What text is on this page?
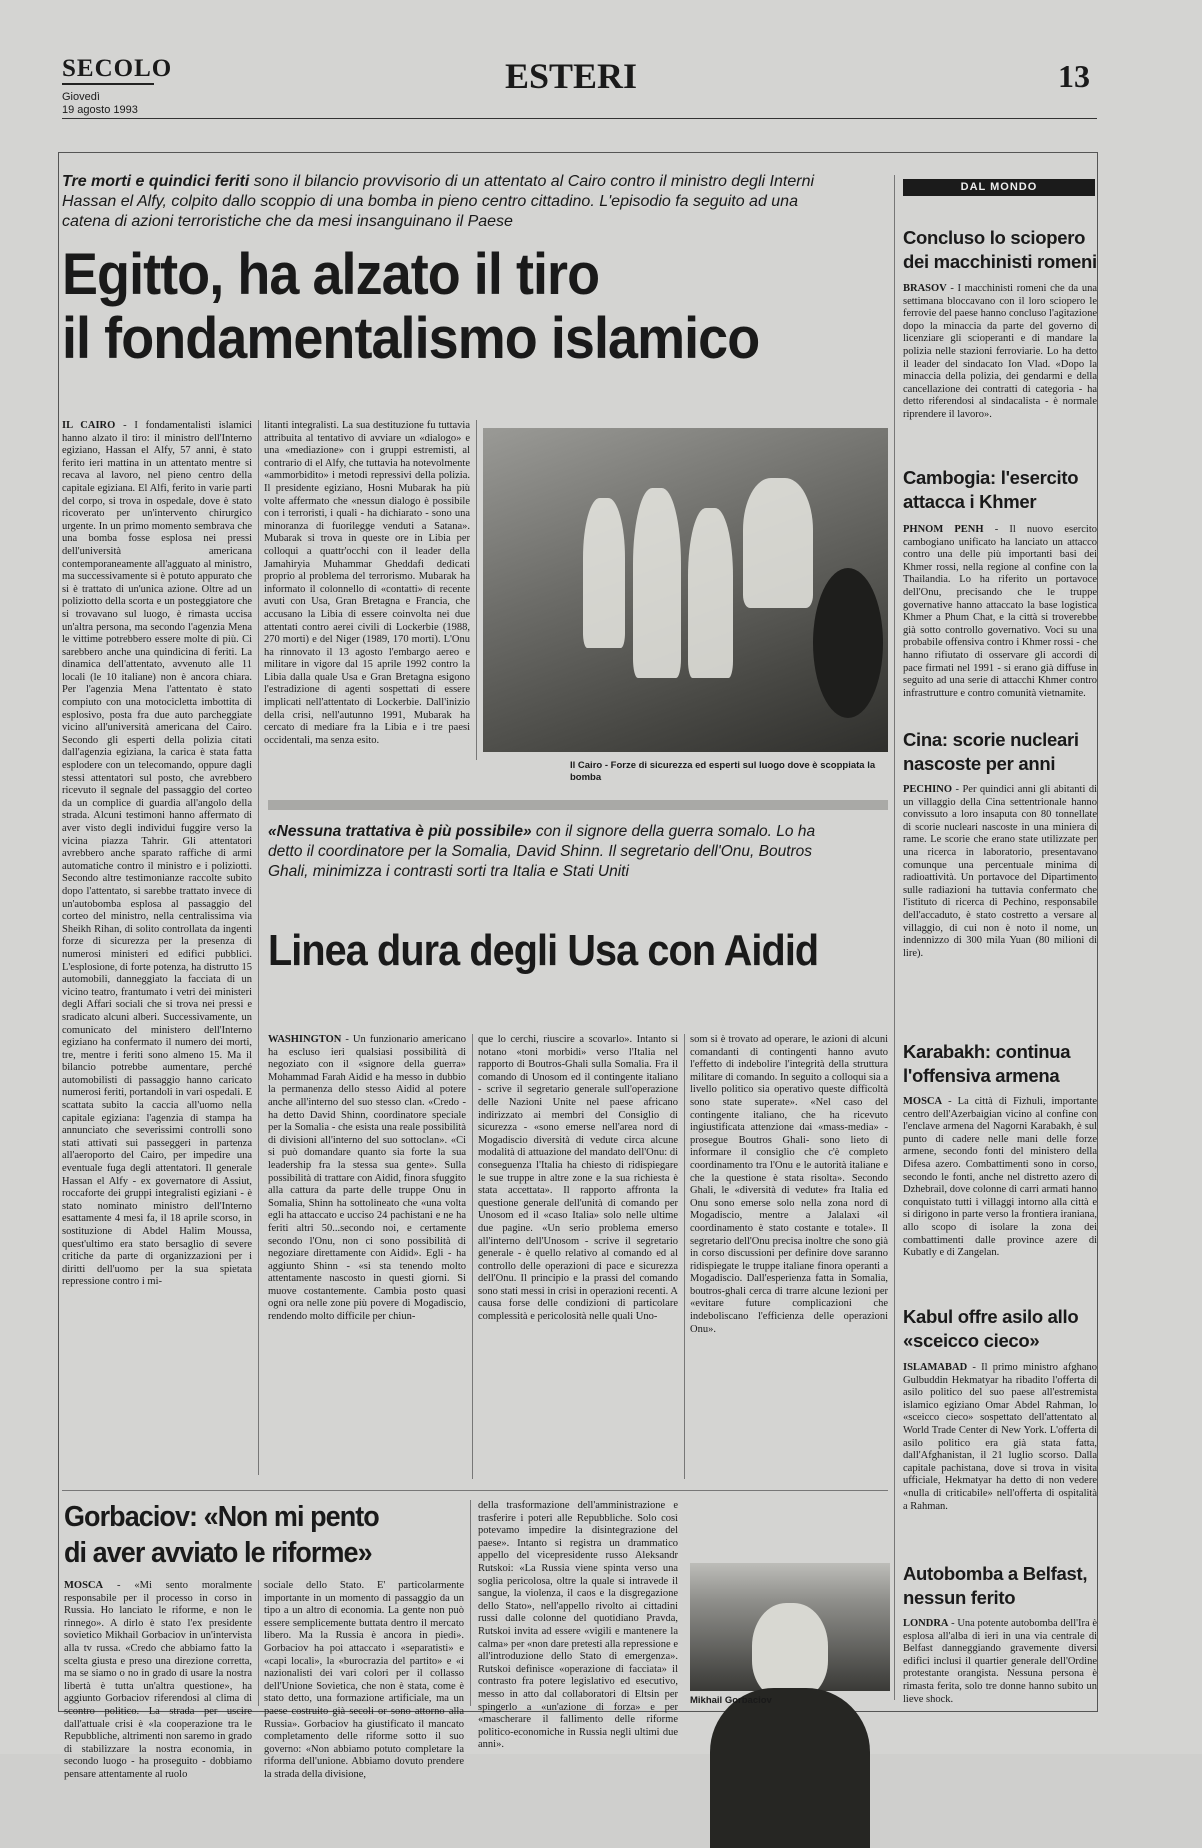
SECOLO
Giovedì
19 agosto 1993
ESTERI	13
Tre morti e quindici feriti sono il bilancio provvisorio di un attentato al Cairo contro il ministro degli Interni Hassan el Alfy, colpito dallo scoppio di una bomba in pieno centro cittadino. L'episodio fa seguito ad una catena di azioni terroristiche che da mesi insanguinano il Paese
Egitto, ha alzato il tiro
il fondamentalismo islamico
IL CAIRO - I fondamentalisti islamici hanno alzato il tiro: il ministro dell'Interno egiziano, Hassan el Alfy, 57 anni, è stato ferito ieri mattina in un attentato mentre si recava al lavoro, nel pieno centro della capitale egiziana. El Alfi, ferito in varie parti del corpo, si trova in ospedale, dove è stato ricoverato per un'intervento chirurgico urgente. In un primo momento sembrava che una bomba fosse esplosa nei pressi dell'università americana contemporaneamente all'agguato al ministro, ma successivamente si è potuto appurato che si è trattato di un'unica azione. Oltre ad un poliziotto della scorta e un posteggiatore che si trovavano sul luogo, è rimasta uccisa un'altra persona, ma secondo l'agenzia Mena le vittime potrebbero essere molte di più. Ci sarebbero anche una quindicina di feriti. La dinamica dell'attentato, avvenuto alle 11 locali (le 10 italiane) non è ancora chiara. Per l'agenzia Mena l'attentato è stato compiuto con una motocicletta imbottita di esplosivo, posta fra due auto parcheggiate vicino all'università americana del Cairo. Secondo gli esperti della polizia citati dall'agenzia egiziana, la carica è stata fatta esplodere con un telecomando, oppure dagli stessi attentatori sul posto, che avrebbero ricevuto il segnale del passaggio del corteo da un complice di guardia all'angolo della strada. Alcuni testimoni hanno affermato di aver visto degli individui fuggire verso la vicina piazza Tahrir. Gli attentatori avrebbero anche sparato raffiche di armi automatiche contro il ministro e i poliziotti. Secondo altre testimonianze raccolte subito dopo l'attentato, si sarebbe trattato invece di un'autobomba esplosa al passaggio del corteo del ministro, nella centralissima via Sheikh Rihan, di solito controllata da ingenti forze di sicurezza per la presenza di numerosi ministeri ed edifici pubblici. L'esplosione, di forte potenza, ha distrutto 15 automobili, danneggiato la facciata di un vicino teatro, frantumato i vetri dei ministeri degli Affari sociali che si trova nei pressi e sradicato alcuni alberi. Successivamente, un comunicato del ministero dell'Interno egiziano ha confermato il numero dei morti, tre, mentre i feriti sono almeno 15. Ma il bilancio potrebbe aumentare, perché automobilisti di passaggio hanno caricato numerosi feriti, portandoli in vari ospedali. E scattata subito la caccia all'uomo nella capitale egiziana: l'agenzia di stampa ha annunciato che severissimi controlli sono stati attivati sui passeggeri in partenza all'aeroporto del Cairo, per impedire una eventuale fuga degli attentatori. Il generale Hassan el Alfy - ex governatore di Assiut, roccaforte dei gruppi integralisti egiziani - è stato nominato ministro dell'Interno esattamente 4 mesi fa, il 18 aprile scorso, in sostituzione di Abdel Halim Moussa, quest'ultimo era stato bersaglio di severe critiche da parte di organizzazioni per i diritti dell'uomo per la sua spietata repressione contro i mi-
litanti integralisti. La sua destituzione fu tuttavia attribuita al tentativo di avviare un «dialogo» e una «mediazione» con i gruppi estremisti, al contrario di el Alfy, che tuttavia ha notevolmente «ammorbidito» i metodi repressivi della polizia. Il presidente egiziano, Hosni Mubarak ha più volte affermato che «nessun dialogo è possibile con i terroristi, i quali - ha dichiarato - sono una minoranza di fuorilegge venduti a Satana». Mubarak si trova in queste ore in Libia per colloqui a quattr'occhi con il leader della Jamahiryia Muhammar Gheddafi dedicati proprio al problema del terrorismo. Mubarak ha informato il colonnello di «contatti» di recente avuti con Usa, Gran Bretagna e Francia, che accusano la Libia di essere coinvolta nei due attentati contro aerei civili di Lockerbie (1988, 270 morti) e del Niger (1989, 170 morti). L'Onu ha rinnovato il 13 agosto l'embargo aereo e militare in vigore dal 15 aprile 1992 contro la Libia dalla quale Usa e Gran Bretagna esigono l'estradizione di agenti sospettati di essere implicati nell'attentato di Lockerbie. Dall'inizio della crisi, nell'autunno 1991, Mubarak ha cercato di mediare fra la Libia e i tre paesi occidentali, ma senza esito.
Il Cairo - Forze di sicurezza ed esperti sul luogo dove è scoppiata la bomba
«Nessuna trattativa è più possibile» con il signore della guerra somalo. Lo ha detto il coordinatore per la Somalia, David Shinn. Il segretario dell'Onu, Boutros Ghali, minimizza i contrasti sorti tra Italia e Stati Uniti
Linea dura degli Usa con Aidid
WASHINGTON - Un funzionario americano ha escluso ieri qualsiasi possibilità di negoziato con il «signore della guerra» Mohammad Farah Aidid e ha messo in dubbio la permanenza dello stesso Aidid al potere anche all'interno del suo stesso clan. «Credo - ha detto David Shinn, coordinatore speciale per la Somalia - che esista una reale possibilità di divisioni all'interno del suo sottoclan». «Ci si può domandare quanto sia forte la sua leadership fra la stessa sua gente». Sulla possibilità di trattare con Aidid, finora sfuggito alla cattura da parte delle truppe Onu in Somalia, Shinn ha sottolineato che «una volta egli ha attaccato e ucciso 24 pachistani e ne ha feriti altri 50...secondo noi, e certamente secondo l'Onu, non ci sono possibilità di negoziare direttamente con Aidid». Egli - ha aggiunto Shinn - «si sta tenendo molto attentamente nascosto in questi giorni. Si muove costantemente. Cambia posto quasi ogni ora nelle zone più povere di Mogadiscio, rendendo molto difficile per chiun-
que lo cerchi, riuscire a scovarlo». Intanto si notano «toni morbidi» verso l'Italia nel rapporto di Boutros-Ghali sulla Somalia. Fra il comando di Unosom ed il contingente italiano - scrive il segretario generale sull'operazione delle Nazioni Unite nel paese africano indirizzato ai membri del Consiglio di sicurezza - «sono emerse nell'area nord di Mogadiscio diversità di vedute circa alcune modalità di attuazione del mandato dell'Onu: di conseguenza l'Italia ha chiesto di ridispiegare le sue truppe in altre zone e la sua richiesta è stata accettata». Il rapporto affronta la questione generale dell'unità di comando per Unosom ed il «caso Italia» solo nelle ultime due pagine. «Un serio problema emerso all'interno dell'Unosom - scrive il segretario generale - è quello relativo al comando ed al controllo delle operazioni di pace e sicurezza dell'Onu. Il principio e la prassi del comando sono stati messi in crisi in operazioni recenti. A causa forse delle condizioni di particolare complessità e pericolosità nelle quali Uno-
som si è trovato ad operare, le azioni di alcuni comandanti di contingenti hanno avuto l'effetto di indebolire l'integrità della struttura militare di comando. In seguito a colloqui sia a livello politico sia operativo queste difficoltà sono state superate». «Nel caso del contingente italiano, che ha ricevuto ingiustificata attenzione dai «mass-media» - prosegue Boutros Ghali- sono lieto di informare il consiglio che c'è completo coordinamento tra l'Onu e le autorità italiane e che la questione è stata risolta». Secondo Ghali, le «diversità di vedute» fra Italia ed Onu sono emerse solo nella zona nord di Mogadiscio, mentre a Jalalaxi «il coordinamento è stato costante e totale». Il segretario dell'Onu precisa inoltre che sono già in corso discussioni per definire dove saranno ridispiegate le truppe italiane finora operanti a Mogadiscio. Dall'esperienza fatta in Somalia, boutros-ghali cerca di trarre alcune lezioni per «evitare future complicazioni che indeboliscano l'efficienza delle operazioni Onu».
Gorbaciov: «Non mi pento
di aver avviato le riforme»
MOSCA - «Mi sento moralmente responsabile per il processo in corso in Russia. Ho lanciato le riforme, e non le rinnego». A dirlo è stato l'ex presidente sovietico Mikhail Gorbaciov in un'intervista alla tv russa. «Credo che abbiamo fatto la scelta giusta e preso una direzione corretta, ma se siamo o no in grado di usare la nostra libertà è tutta un'altra questione», ha aggiunto Gorbaciov riferendosi al clima di scontro politico. La strada per uscire dall'attuale crisi è «la cooperazione tra le Repubbliche, altrimenti non saremo in grado di stabilizzare la nostra economia, in secondo luogo - ha proseguito - dobbiamo pensare attentamente al ruolo
sociale dello Stato. E' particolarmente importante in un momento di passaggio da un tipo a un altro di economia. La gente non può essere semplicemente buttata dentro il mercato libero. Ma la Russia è ancora in piedi». Gorbaciov ha poi attaccato i «separatisti» e «capi locali», la «burocrazia del partito» e «i nazionalisti dei vari colori per il collasso dell'Unione Sovietica, che non è stata, come è stato detto, una formazione artificiale, ma un paese costruito già secoli or sono attorno alla Russia». Gorbaciov ha giustificato il mancato completamento delle riforme sotto il suo governo: «Non abbiamo potuto completare la riforma dell'unione. Abbiamo dovuto prendere la strada della divisione,
della trasformazione dell'amministrazione e trasferire i poteri alle Repubbliche. Solo così potevamo impedire la disintegrazione del paese». Intanto si registra un drammatico appello del vicepresidente russo Aleksandr Rutskoi: «La Russia viene spinta verso una soglia pericolosa, oltre la quale si intravede il sangue, la violenza, il caos e la disgregazione dello Stato», nell'appello rivolto ai cittadini russi dalle colonne del quotidiano Pravda, Rutskoi invita ad essere «vigili e mantenere la calma» per «non dare pretesti alla repressione e all'introduzione dello Stato di emergenza». Rutskoi definisce «operazione di facciata» il contrasto fra potere legislativo ed esecutivo, messo in atto dal collaboratori di Eltsin per spingerlo a «un'azione di forza» e per «mascherare il fallimento delle riforme politico-economiche in Russia negli ultimi due anni».
Mikhail Gorbaciov
DAL MONDO
Concluso lo sciopero dei macchinisti romeni
BRASOV - I macchinisti romeni che da una settimana bloccavano con il loro sciopero le ferrovie del paese hanno concluso l'agitazione dopo la minaccia da parte del governo di licenziare gli scioperanti e di mandare la polizia nelle stazioni ferroviarie. Lo ha detto il leader del sindacato Ion Vlad. «Dopo la minaccia della polizia, dei gendarmi e della cancellazione dei contratti di categoria - ha detto riferendosi al sindacalista - è normale riprendere il lavoro».
Cambogia: l'esercito attacca i Khmer
PHNOM PENH - Il nuovo esercito cambogiano unificato ha lanciato un attacco contro una delle più importanti basi dei Khmer rossi, nella regione al confine con la Thailandia. Lo ha riferito un portavoce dell'Onu, precisando che le truppe governative hanno attaccato la base logistica Khmer a Phum Chat, e la città si troverebbe già sotto controllo governativo. Voci su una probabile offensiva contro i Khmer rossi - che hanno rifiutato di osservare gli accordi di pace firmati nel 1991 - si erano già diffuse in seguito ad una serie di attacchi Khmer contro infrastrutture e contro comunità vietnamite.
Cina: scorie nucleari nascoste per anni
PECHINO - Per quindici anni gli abitanti di un villaggio della Cina settentrionale hanno convissuto a loro insaputa con 80 tonnellate di scorie nucleari nascoste in una miniera di rame. Le scorie che erano state utilizzate per una ricerca in laboratorio, presentavano comunque una percentuale minima di radioattività. Un portavoce del Dipartimento sulle radiazioni ha tuttavia confermato che l'istituto di ricerca di Pechino, responsabile dell'accaduto, è stato costretto a versare al villaggio, di cui non è noto il nome, un indennizzo di 300 mila Yuan (80 milioni di lire).
Karabakh: continua l'offensiva armena
MOSCA - La città di Fizhuli, importante centro dell'Azerbaigian vicino al confine con l'enclave armena del Nagorni Karabakh, è sul punto di cadere nelle mani delle forze armene, secondo fonti del ministero della Difesa azero. Combattimenti sono in corso, secondo le fonti, anche nel distretto azero di Dzhebrail, dove colonne di carri armati hanno conquistato tutti i villaggi intorno alla città e si dirigono in parte verso la frontiera iraniana, allo scopo di isolare la zona dei combattimenti dalle province azere di Kubatly e di Zangelan.
Kabul offre asilo allo «sceicco cieco»
ISLAMABAD - Il primo ministro afghano Gulbuddin Hekmatyar ha ribadito l'offerta di asilo politico del suo paese all'estremista islamico egiziano Omar Abdel Rahman, lo «sceicco cieco» sospettato dell'attentato al World Trade Center di New York. L'offerta di asilo politico era già stata fatta, dall'Afghanistan, il 21 luglio scorso. Dalla capitale pachistana, dove si trova in visita ufficiale, Hekmatyar ha detto di non vedere «nulla di criticabile» nell'offerta di ospitalità a Rahman.
Autobomba a Belfast, nessun ferito
LONDRA - Una potente autobomba dell'Ira è esplosa all'alba di ieri in una via centrale di Belfast danneggiando gravemente diversi edifici inclusi il quartier generale dell'Ordine protestante orangista. Nessuna persona è rimasta ferita, solo tre donne hanno subito un lieve shock.
